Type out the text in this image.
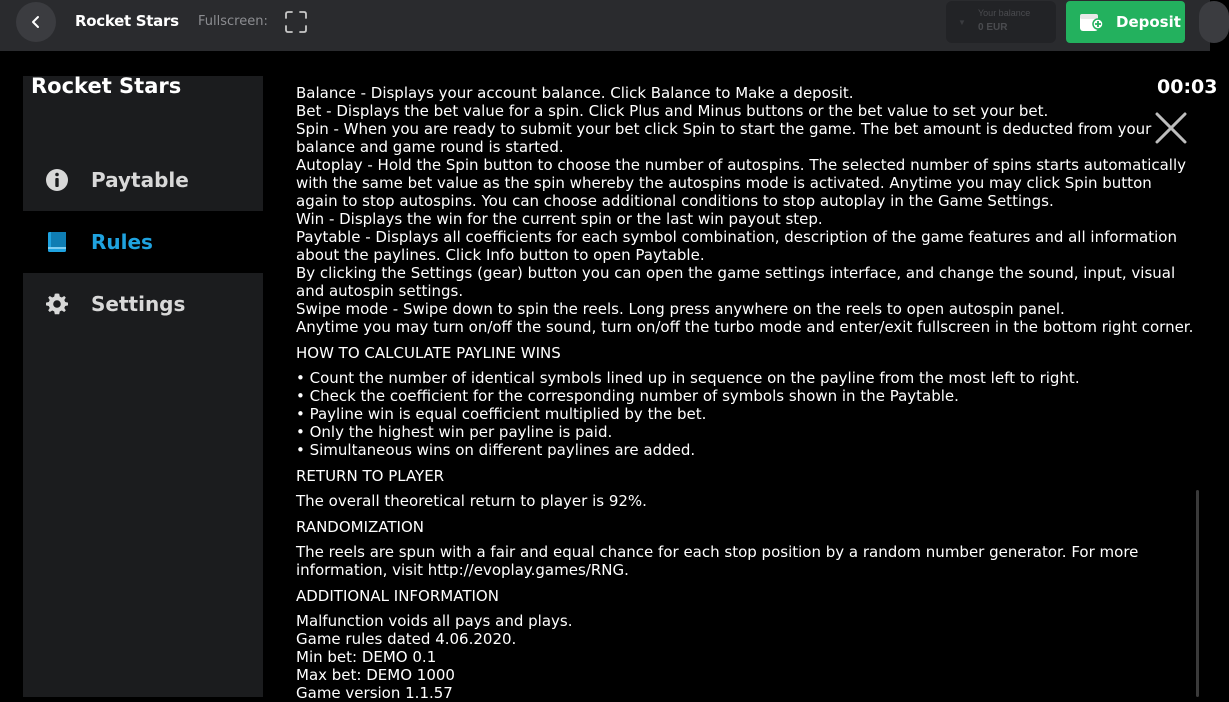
Rocket Stars Fullscreen:	▼
Your balance
0 EUR	Deposit
Rocket Stars
Paytable
Rules
Settings

Balance - Displays your account balance. Click Balance to Make a deposit.

Bet - Displays the bet value for a spin. Click Plus and Minus buttons or the bet value to set your bet.

Spin - When you are ready to submit your bet click Spin to start the game. The bet amount is deducted from your balance and game round is started.

Autoplay - Hold the Spin button to choose the number of autospins. The selected number of spins starts automatically with the same bet value as the spin whereby the autospins mode is activated. Anytime you may click Spin button again to stop autospins. You can choose additional conditions to stop autoplay in the Game Settings.

Win - Displays the win for the current spin or the last win payout step.

Paytable - Displays all coefficients for each symbol combination, description of the game features and all information about the paylines. Click Info button to open Paytable.

By clicking the Settings (gear) button you can open the game settings interface, and change the sound, input, visual and autospin settings.

Swipe mode - Swipe down to spin the reels. Long press anywhere on the reels to open autospin panel.

Anytime you may turn on/off the sound, turn on/off the turbo mode and enter/exit fullscreen in the bottom right corner.

HOW TO CALCULATE PAYLINE WINS

• Count the number of identical symbols lined up in sequence on the payline from the most left to right.

• Check the coefficient for the corresponding number of symbols shown in the Paytable.

• Payline win is equal coefficient multiplied by the bet.

• Only the highest win per payline is paid.

• Simultaneous wins on different paylines are added.

RETURN TO PLAYER

The overall theoretical return to player is 92%.

RANDOMIZATION

The reels are spun with a fair and equal chance for each stop position by a random number generator. For more information, visit http://evoplay.games/RNG.

ADDITIONAL INFORMATION

Malfunction voids all pays and plays.

Game rules dated 4.06.2020.

Min bet: DEMO 0.1

Max bet: DEMO 1000

Game version 1.1.57

00:03
